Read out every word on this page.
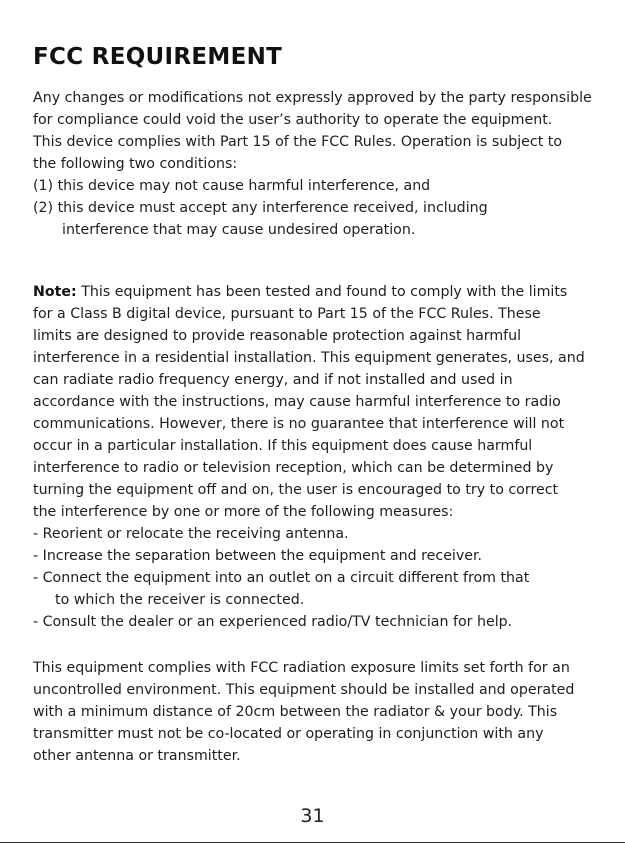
FCC REQUIREMENT
Any changes or modifications not expressly approved by the party responsible
for compliance could void the user’s authority to operate the equipment.
This device complies with Part 15 of the FCC Rules. Operation is subject to
the following two conditions:
(1) this device may not cause harmful interference, and
(2) this device must accept any interference received, including
interference that may cause undesired operation.
Note: This equipment has been tested and found to comply with the limits
for a Class B digital device, pursuant to Part 15 of the FCC Rules. These
limits are designed to provide reasonable protection against harmful
interference in a residential installation. This equipment generates, uses, and
can radiate radio frequency energy, and if not installed and used in
accordance with the instructions, may cause harmful interference to radio
communications. However, there is no guarantee that interference will not
occur in a particular installation. If this equipment does cause harmful
interference to radio or television reception, which can be determined by
turning the equipment off and on, the user is encouraged to try to correct
the interference by one or more of the following measures:
- Reorient or relocate the receiving antenna.
- Increase the separation between the equipment and receiver.
- Connect the equipment into an outlet on a circuit different from that
to which the receiver is connected.
- Consult the dealer or an experienced radio/TV technician for help.
This equipment complies with FCC radiation exposure limits set forth for an
uncontrolled environment. This equipment should be installed and operated
with a minimum distance of 20cm between the radiator & your body. This
transmitter must not be co-located or operating in conjunction with any
other antenna or transmitter.
31
